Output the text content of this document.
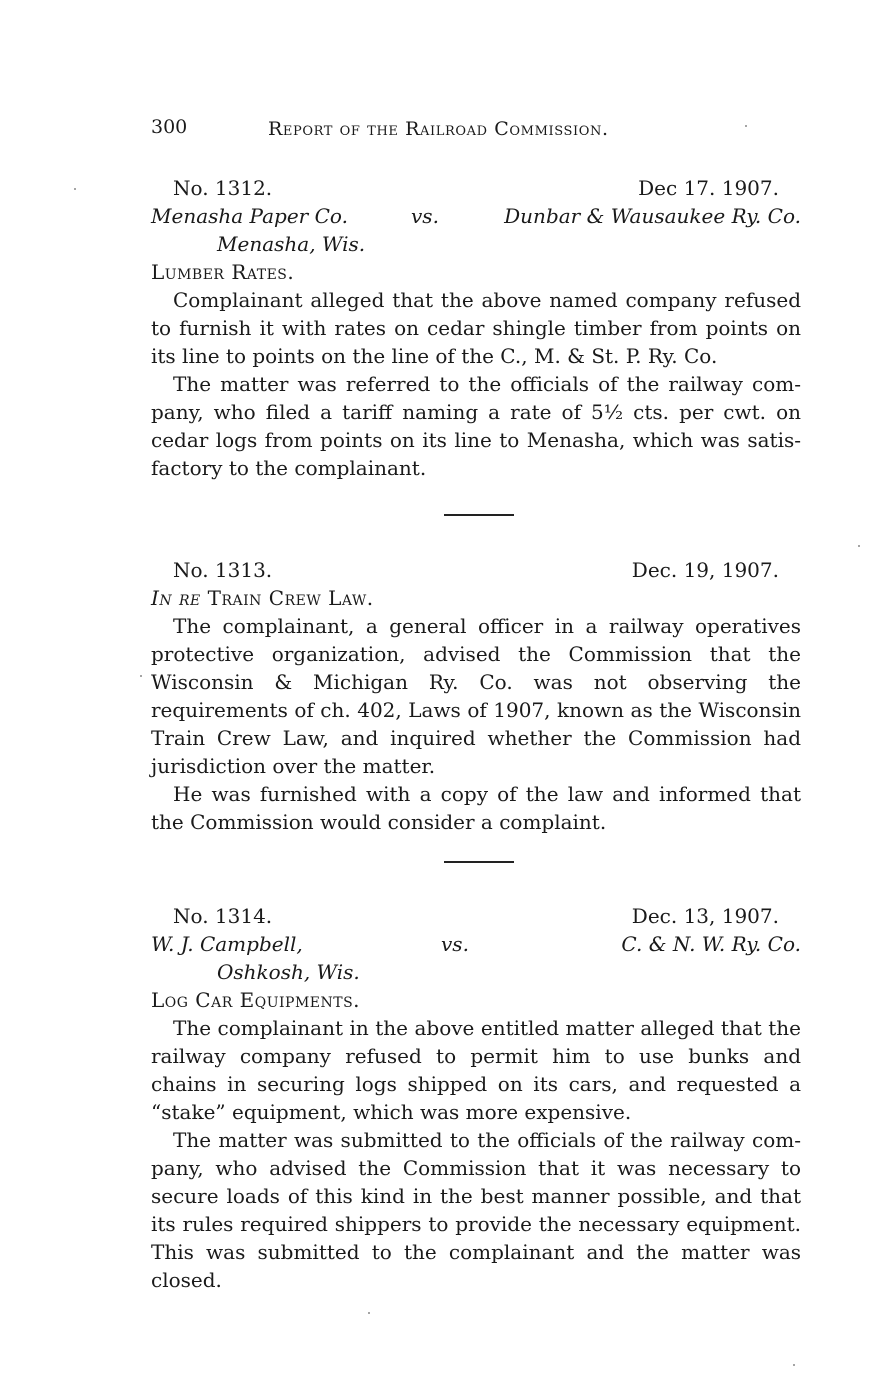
300	Report of the Railroad Commission.
No. 1312.	Dec 17. 1907.
Menasha Paper Co.	vs.	Dunbar & Wausaukee Ry. Co.
Menasha, Wis.
Lumber Rates.

Complainant alleged that the above named company refused to furnish it with rates on cedar shingle timber from points on its line to points on the line of the C., M. & St. P. Ry. Co.

The matter was referred to the officials of the railway company, who filed a tariff naming a rate of 5½ cts. per cwt. on cedar logs from points on its line to Menasha, which was satisfactory to the complainant.

No. 1313.	Dec. 19, 1907.
In re Train Crew Law.

The complainant, a general officer in a railway operatives protective organization, advised the Commission that the Wisconsin & Michigan Ry. Co. was not observing the requirements of ch. 402, Laws of 1907, known as the Wisconsin Train Crew Law, and inquired whether the Commission had jurisdiction over the matter.

He was furnished with a copy of the law and informed that the Commission would consider a complaint.

No. 1314.	Dec. 13, 1907.
W. J. Campbell,	vs.	C. & N. W. Ry. Co.
Oshkosh, Wis.
Log Car Equipments.

The complainant in the above entitled matter alleged that the railway company refused to permit him to use bunks and chains in securing logs shipped on its cars, and requested a “stake” equipment, which was more expensive.

The matter was submitted to the officials of the railway company, who advised the Commission that it was necessary to secure loads of this kind in the best manner possible, and that its rules required shippers to provide the necessary equipment. This was submitted to the complainant and the matter was closed.
